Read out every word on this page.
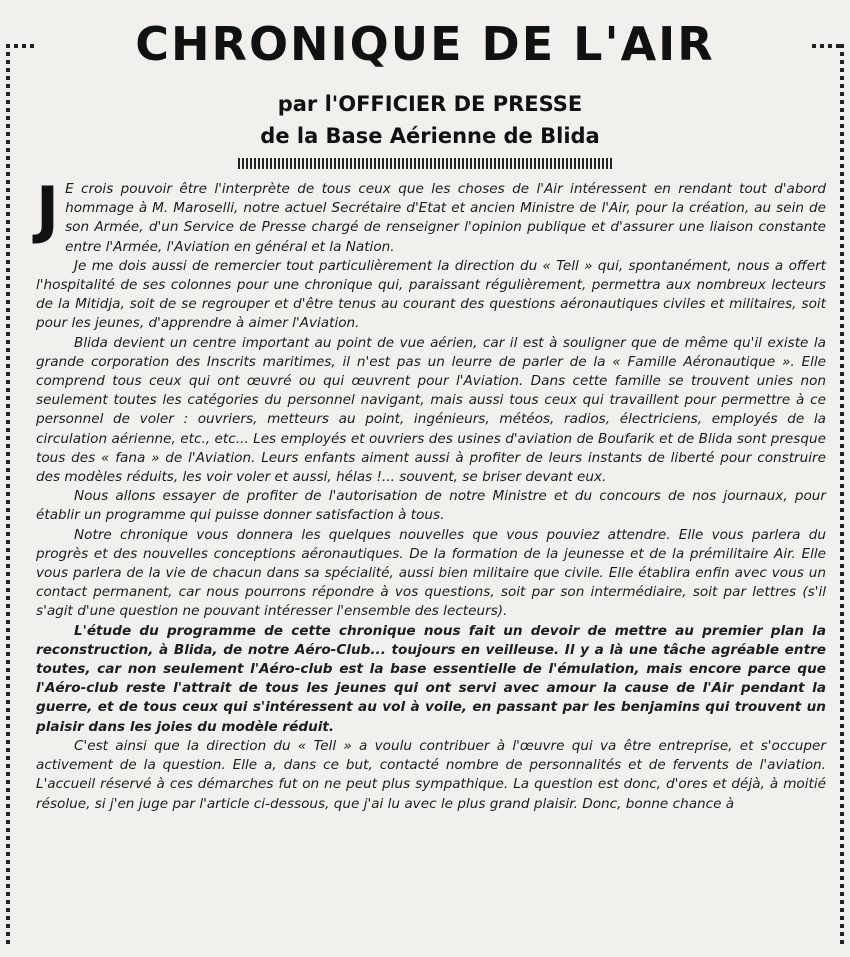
CHRONIQUE DE L'AIR
par l'OFFICIER DE PRESSE
de la Base Aérienne de Blida

J E crois pouvoir être l'interprète de tous ceux que les choses de l'Air intéressent en rendant tout d'abord hommage à M. Maroselli, notre actuel Secrétaire d'Etat et ancien Ministre de l'Air, pour la création, au sein de son Armée, d'un Service de Presse chargé de renseigner l'opinion publique et d'assurer une liaison constante entre l'Armée, l'Aviation en général et la Nation.

Je me dois aussi de remercier tout particulièrement la direction du « Tell » qui, spontanément, nous a offert l'hospitalité de ses colonnes pour une chronique qui, paraissant régulièrement, permettra aux nombreux lecteurs de la Mitidja, soit de se regrouper et d'être tenus au courant des questions aéronautiques civiles et militaires, soit pour les jeunes, d'apprendre à aimer l'Aviation.

Blida devient un centre important au point de vue aérien, car il est à souligner que de même qu'il existe la grande corporation des Inscrits maritimes, il n'est pas un leurre de parler de la « Famille Aéronautique ». Elle comprend tous ceux qui ont œuvré ou qui œuvrent pour l'Aviation. Dans cette famille se trouvent unies non seulement toutes les catégories du personnel navigant, mais aussi tous ceux qui travaillent pour permettre à ce personnel de voler : ouvriers, metteurs au point, ingénieurs, météos, radios, électriciens, employés de la circulation aérienne, etc., etc... Les employés et ouvriers des usines d'aviation de Boufarik et de Blida sont presque tous des « fana » de l'Aviation. Leurs enfants aiment aussi à profiter de leurs instants de liberté pour construire des modèles réduits, les voir voler et aussi, hélas !... souvent, se briser devant eux.

Nous allons essayer de profiter de l'autorisation de notre Ministre et du concours de nos journaux, pour établir un programme qui puisse donner satisfaction à tous.

Notre chronique vous donnera les quelques nouvelles que vous pouviez attendre. Elle vous parlera du progrès et des nouvelles conceptions aéronautiques. De la formation de la jeunesse et de la prémilitaire Air. Elle vous parlera de la vie de chacun dans sa spécialité, aussi bien militaire que civile. Elle établira enfin avec vous un contact permanent, car nous pourrons répondre à vos questions, soit par son intermédiaire, soit par lettres (s'il s'agit d'une question ne pouvant intéresser l'ensemble des lecteurs).

L'étude du programme de cette chronique nous fait un devoir de mettre au premier plan la reconstruction, à Blida, de notre Aéro-Club... toujours en veilleuse. Il y a là une tâche agréable entre toutes, car non seulement l'Aéro-club est la base essentielle de l'émulation, mais encore parce que l'Aéro-club reste l'attrait de tous les jeunes qui ont servi avec amour la cause de l'Air pendant la guerre, et de tous ceux qui s'intéressent au vol à voile, en passant par les benjamins qui trouvent un plaisir dans les joies du modèle réduit.

C'est ainsi que la direction du « Tell » a voulu contribuer à l'œuvre qui va être entreprise, et s'occuper activement de la question. Elle a, dans ce but, contacté nombre de personnalités et de fervents de l'aviation. L'accueil réservé à ces démarches fut on ne peut plus sympathique. La question est donc, d'ores et déjà, à moitié résolue, si j'en juge par l'article ci-dessous, que j'ai lu avec le plus grand plaisir. Donc, bonne chance à
